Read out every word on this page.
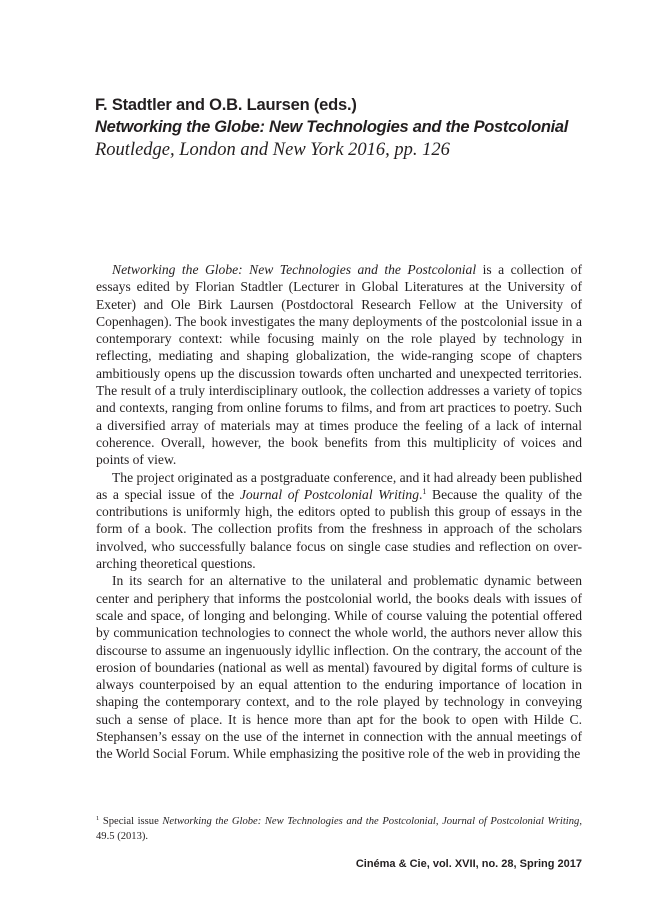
F. Stadtler and O.B. Laursen (eds.)
Networking the Globe: New Technologies and the Postcolonial
Routledge, London and New York 2016, pp. 126

Networking the Globe: New Technologies and the Postcolonial is a collection of essays edited by Florian Stadtler (Lecturer in Global Literatures at the University of Exeter) and Ole Birk Laursen (Postdoctoral Research Fellow at the University of Copenhagen). The book investigates the many deployments of the postcolonial issue in a contemporary context: while focusing mainly on the role played by technology in reflecting, mediating and shaping globalization, the wide-ranging scope of chapters ambitiously opens up the discussion towards often uncharted and unexpected territories. The result of a truly interdisciplinary outlook, the collection addresses a variety of topics and contexts, ranging from online forums to films, and from art practices to poetry. Such a diversified array of materials may at times produce the feeling of a lack of internal coherence. Overall, however, the book benefits from this multiplicity of voices and points of view.

The project originated as a postgraduate conference, and it had already been published as a special issue of the Journal of Postcolonial Writing.$^1$ Because the quality of the contributions is uniformly high, the editors opted to publish this group of essays in the form of a book. The collection profits from the freshness in approach of the scholars involved, who successfully balance focus on single case studies and reflection on over-arching theoretical questions.

In its search for an alternative to the unilateral and problematic dynamic between center and periphery that informs the postcolonial world, the books deals with issues of scale and space, of longing and belonging. While of course valuing the potential offered by communication technologies to connect the whole world, the authors never allow this discourse to assume an ingenuously idyllic inflection. On the contrary, the account of the erosion of boundaries (national as well as mental) favoured by digital forms of culture is always counterpoised by an equal attention to the enduring importance of location in shaping the contemporary context, and to the role played by technology in conveying such a sense of place. It is hence more than apt for the book to open with Hilde C. Stephansen’s essay on the use of the internet in connection with the annual meetings of the World Social Forum. While emphasizing the positive role of the web in providing the

$^1$ Special issue Networking the Globe: New Technologies and the Postcolonial, Journal of Postcolonial Writing, 49.5 (2013).
Cinéma & Cie, vol. XVII, no. 28, Spring 2017
